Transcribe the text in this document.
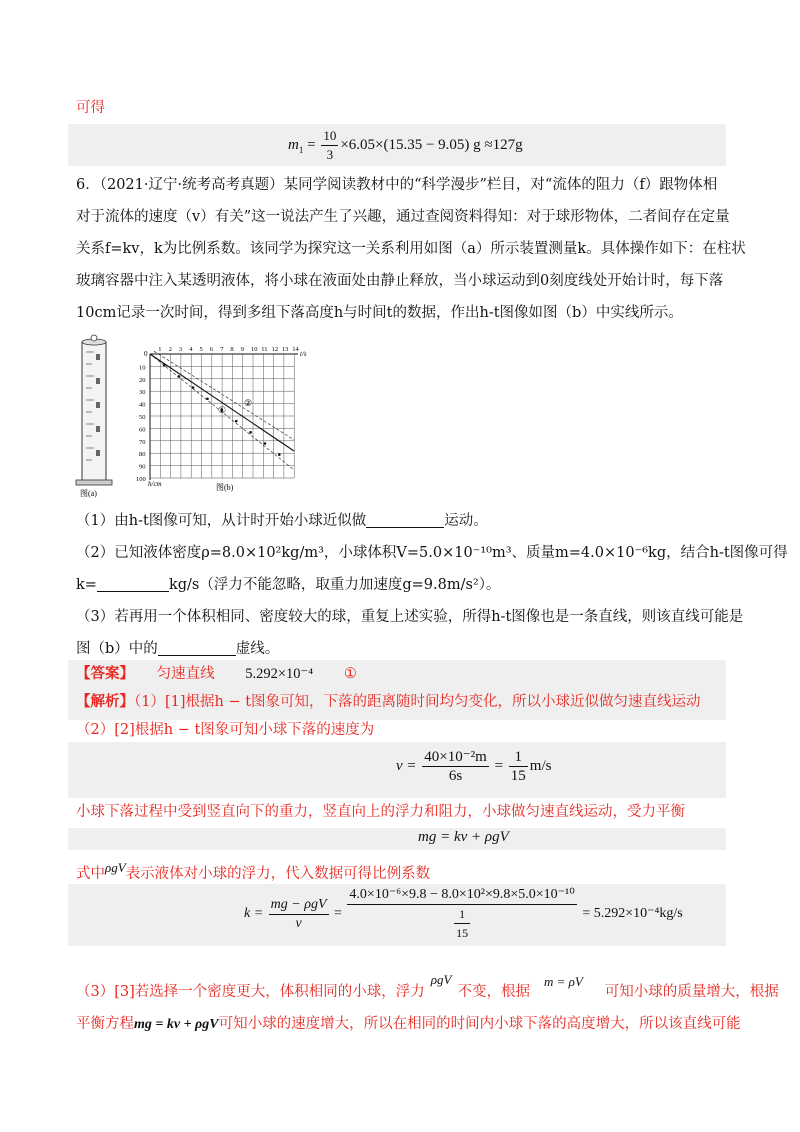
可得
$m_1 = \frac{10}{3} \times 6.05\times(15.35 - 9.05)$ g ≈127g
6．（2021·辽宁·统考高考真题）某同学阅读教材中的“科学漫步”栏目，对“流体的阻力（f）跟物体相
对于流体的速度（v）有关”这一说法产生了兴趣，通过查阅资料得知：对于球形物体，二者间存在定量
关系f=kv，k为比例系数。该同学为探究这一关系利用如图（a）所示装置测量k。具体操作如下：在柱状
玻璃容器中注入某透明液体，将小球在液面处由静止释放，当小球运动到0刻度线处开始计时，每下落
10cm记录一次时间，得到多组下落高度h与时间t的数据，作出h-t图像如图（b）中实线所示。
图(a)
0	t/s
h/cm
1 2 3 4 5 6 7 8 9 10 11 12 13 14
10
20
30
40
50
60
70
80
90
100
①
②
图(b)
（1）由h-t图像可知，从计时开始小球近似做	运动。
（2）已知液体密度ρ=8.0×10²kg/m³，小球体积V=5.0×10⁻¹⁰m³、质量m=4.0×10⁻⁶kg，结合h-t图像可得
k=	kg/s（浮力不能忽略，取重力加速度g=9.8m/s²）。
（3）若再用一个体积相同、密度较大的球，重复上述实验，所得h-t图像也是一条直线，则该直线可能是
图（b）中的	虚线。
【答案】 匀速直线 5.292×10⁻⁴ ①
【解析】（1）[1]根据h − t图象可知，下落的距离随时间均匀变化，所以小球近似做匀速直线运动
（2）[2]根据h − t图象可知小球下落的速度为
$v = \frac{\text{40×10⁻²m}}{6s} = \frac{1}{15} m/s$
小球下落过程中受到竖直向下的重力，竖直向上的浮力和阻力，小球做匀速直线运动，受力平衡
mg = kv + ρgV
式中ρgV表示液体对小球的浮力，代入数据可得比例系数
$k = \frac{\text{mg − ρgV}}{v} = \frac{\text{4.0×10⁻⁶×9.8 − 8.0×10²×9.8×5.0×10⁻¹⁰}}{\frac{1}{15}} = 5.292\times 10^{-4}kg/s$
（3）[3]若选择一个密度更大，体积相同的小球，浮力ρgV不变，根据m = ρV可知小球的质量增大，根据
平衡方程mg = kv + ρgV可知小球的速度增大，所以在相同的时间内小球下落的高度增大，所以该直线可能
